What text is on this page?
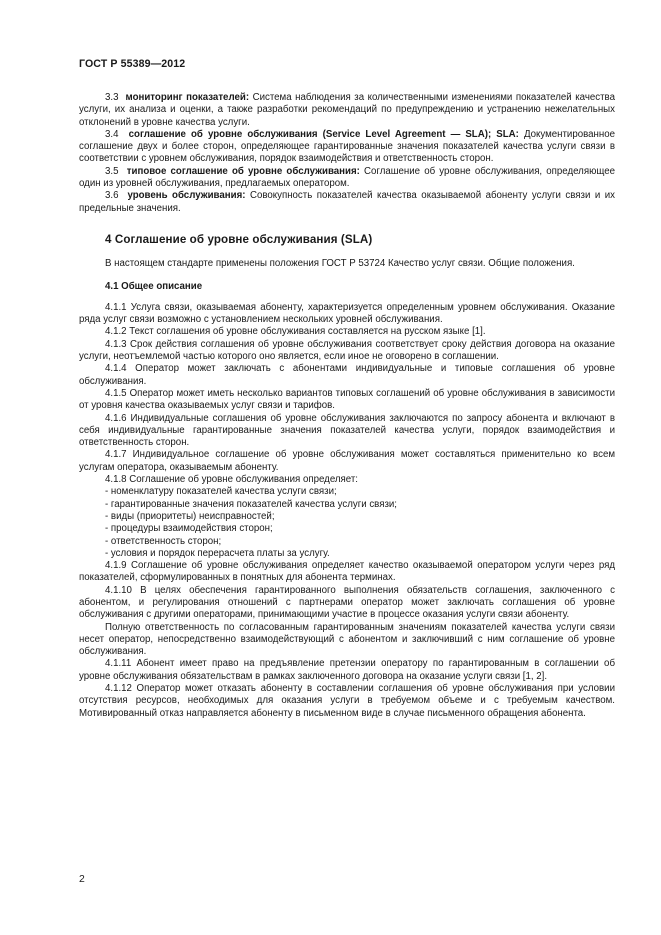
ГОСТ Р 55389—2012

3.3 мониторинг показателей: Система наблюдения за количественными изменениями показателей качества услуги, их анализа и оценки, а также разработки рекомендаций по предупреждению и устранению нежелательных отклонений в уровне качества услуги.

3.4 соглашение об уровне обслуживания (Service Level Agreement — SLA); SLA: Документированное соглашение двух и более сторон, определяющее гарантированные значения показателей качества услуги связи в соответствии с уровнем обслуживания, порядок взаимодействия и ответственность сторон.

3.5 типовое соглашение об уровне обслуживания: Соглашение об уровне обслуживания, определяющее один из уровней обслуживания, предлагаемых оператором.

3.6 уровень обслуживания: Совокупность показателей качества оказываемой абоненту услуги связи и их предельные значения.

4 Соглашение об уровне обслуживания (SLA)

В настоящем стандарте применены положения ГОСТ Р 53724 Качество услуг связи. Общие положения.

4.1 Общее описание

4.1.1 Услуга связи, оказываемая абоненту, характеризуется определенным уровнем обслуживания. Оказание ряда услуг связи возможно с установлением нескольких уровней обслуживания.

4.1.2 Текст соглашения об уровне обслуживания составляется на русском языке [1].

4.1.3 Срок действия соглашения об уровне обслуживания соответствует сроку действия договора на оказание услуги, неотъемлемой частью которого оно является, если иное не оговорено в соглашении.

4.1.4 Оператор может заключать с абонентами индивидуальные и типовые соглашения об уровне обслуживания.

4.1.5 Оператор может иметь несколько вариантов типовых соглашений об уровне обслуживания в зависимости от уровня качества оказываемых услуг связи и тарифов.

4.1.6 Индивидуальные соглашения об уровне обслуживания заключаются по запросу абонента и включают в себя индивидуальные гарантированные значения показателей качества услуги, порядок взаимодействия и ответственность сторон.

4.1.7 Индивидуальное соглашение об уровне обслуживания может составляться применительно ко всем услугам оператора, оказываемым абоненту.

4.1.8 Соглашение об уровне обслуживания определяет:

- номенклатуру показателей качества услуги связи;

- гарантированные значения показателей качества услуги связи;

- виды (приоритеты) неисправностей;

- процедуры взаимодействия сторон;

- ответственность сторон;

- условия и порядок перерасчета платы за услугу.

4.1.9 Соглашение об уровне обслуживания определяет качество оказываемой оператором услуги через ряд показателей, сформулированных в понятных для абонента терминах.

4.1.10 В целях обеспечения гарантированного выполнения обязательств соглашения, заключенного с абонентом, и регулирования отношений с партнерами оператор может заключать соглашения об уровне обслуживания с другими операторами, принимающими участие в процессе оказания услуги связи абоненту.

Полную ответственность по согласованным гарантированным значениям показателей качества услуги связи несет оператор, непосредственно взаимодействующий с абонентом и заключивший с ним соглашение об уровне обслуживания.

4.1.11 Абонент имеет право на предъявление претензии оператору по гарантированным в соглашении об уровне обслуживания обязательствам в рамках заключенного договора на оказание услуги связи [1, 2].

4.1.12 Оператор может отказать абоненту в составлении соглашения об уровне обслуживания при условии отсутствия ресурсов, необходимых для оказания услуги в требуемом объеме и с требуемым качеством. Мотивированный отказ направляется абоненту в письменном виде в случае письменного обращения абонента.

2
